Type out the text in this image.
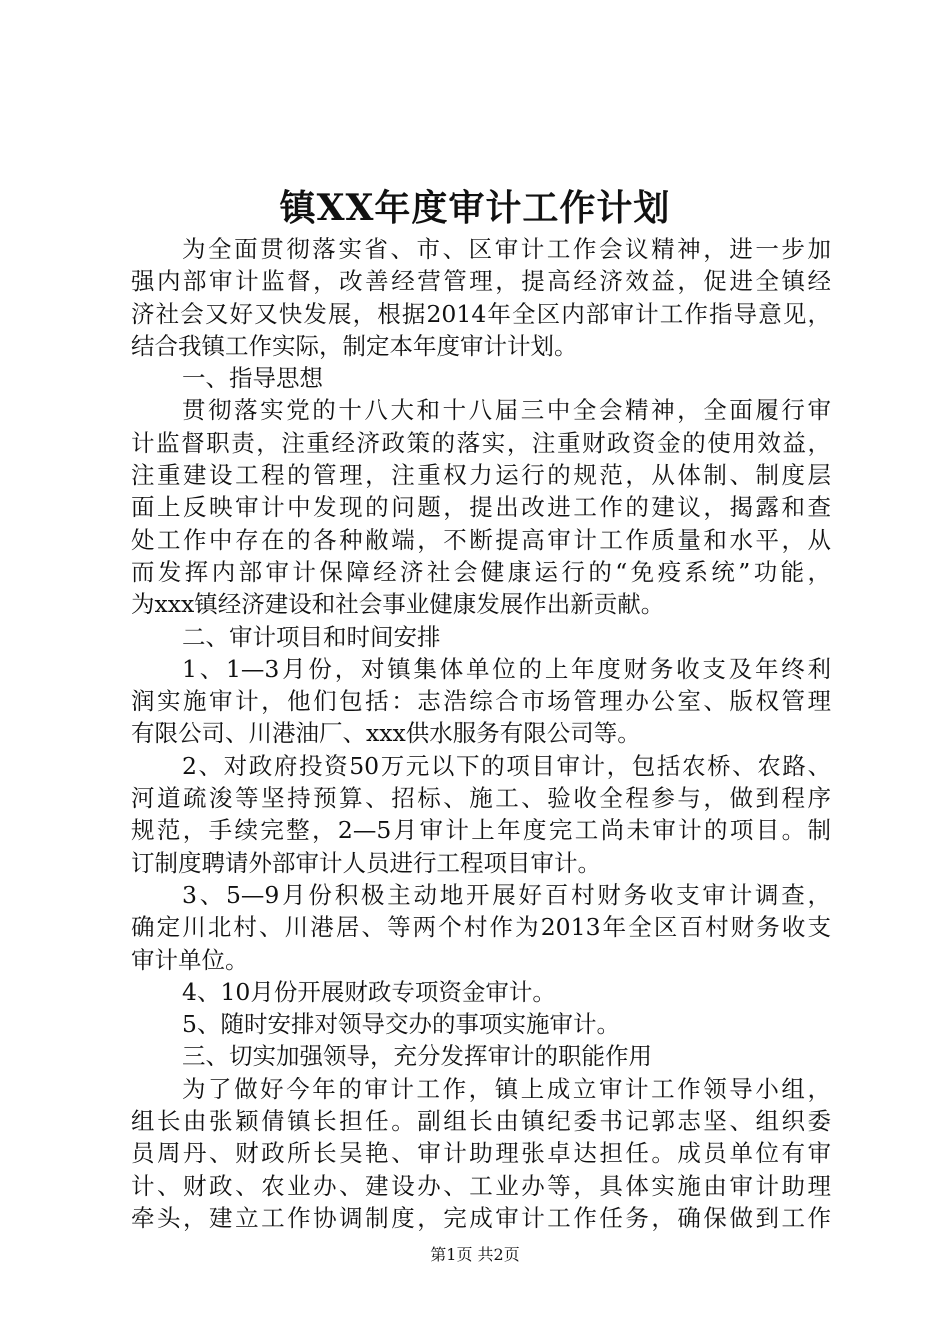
镇XX年度审计工作计划
为全面贯彻落实省、市、区审计工作会议精神，进一步加
强内部审计监督，改善经营管理，提高经济效益，促进全镇经
济社会又好又快发展，根据2014年全区内部审计工作指导意见，
结合我镇工作实际，制定本年度审计计划。
一、指导思想
贯彻落实党的十八大和十八届三中全会精神，全面履行审
计监督职责，注重经济政策的落实，注重财政资金的使用效益，
注重建设工程的管理，注重权力运行的规范，从体制、制度层
面上反映审计中发现的问题，提出改进工作的建议，揭露和查
处工作中存在的各种敝端，不断提高审计工作质量和水平，从
而发挥内部审计保障经济社会健康运行的“免疫系统”功能，
为xxx镇经济建设和社会事业健康发展作出新贡献。
二、审计项目和时间安排
1、1—3月份，对镇集体单位的上年度财务收支及年终利
润实施审计，他们包括：志浩综合市场管理办公室、版权管理
有限公司、川港油厂、xxx供水服务有限公司等。
2、对政府投资50万元以下的项目审计，包括农桥、农路、
河道疏浚等坚持预算、招标、施工、验收全程参与，做到程序
规范，手续完整，2—5月审计上年度完工尚未审计的项目。制
订制度聘请外部审计人员进行工程项目审计。
3、5—9月份积极主动地开展好百村财务收支审计调查，
确定川北村、川港居、等两个村作为2013年全区百村财务收支
审计单位。
4、10月份开展财政专项资金审计。
5、随时安排对领导交办的事项实施审计。
三、切实加强领导，充分发挥审计的职能作用
为了做好今年的审计工作，镇上成立审计工作领导小组，
组长由张颖倩镇长担任。副组长由镇纪委书记郭志坚、组织委
员周丹、财政所长吴艳、审计助理张卓达担任。成员单位有审
计、财政、农业办、建设办、工业办等，具体实施由审计助理
牵头，建立工作协调制度，完成审计工作任务，确保做到工作
第1页 共2页
